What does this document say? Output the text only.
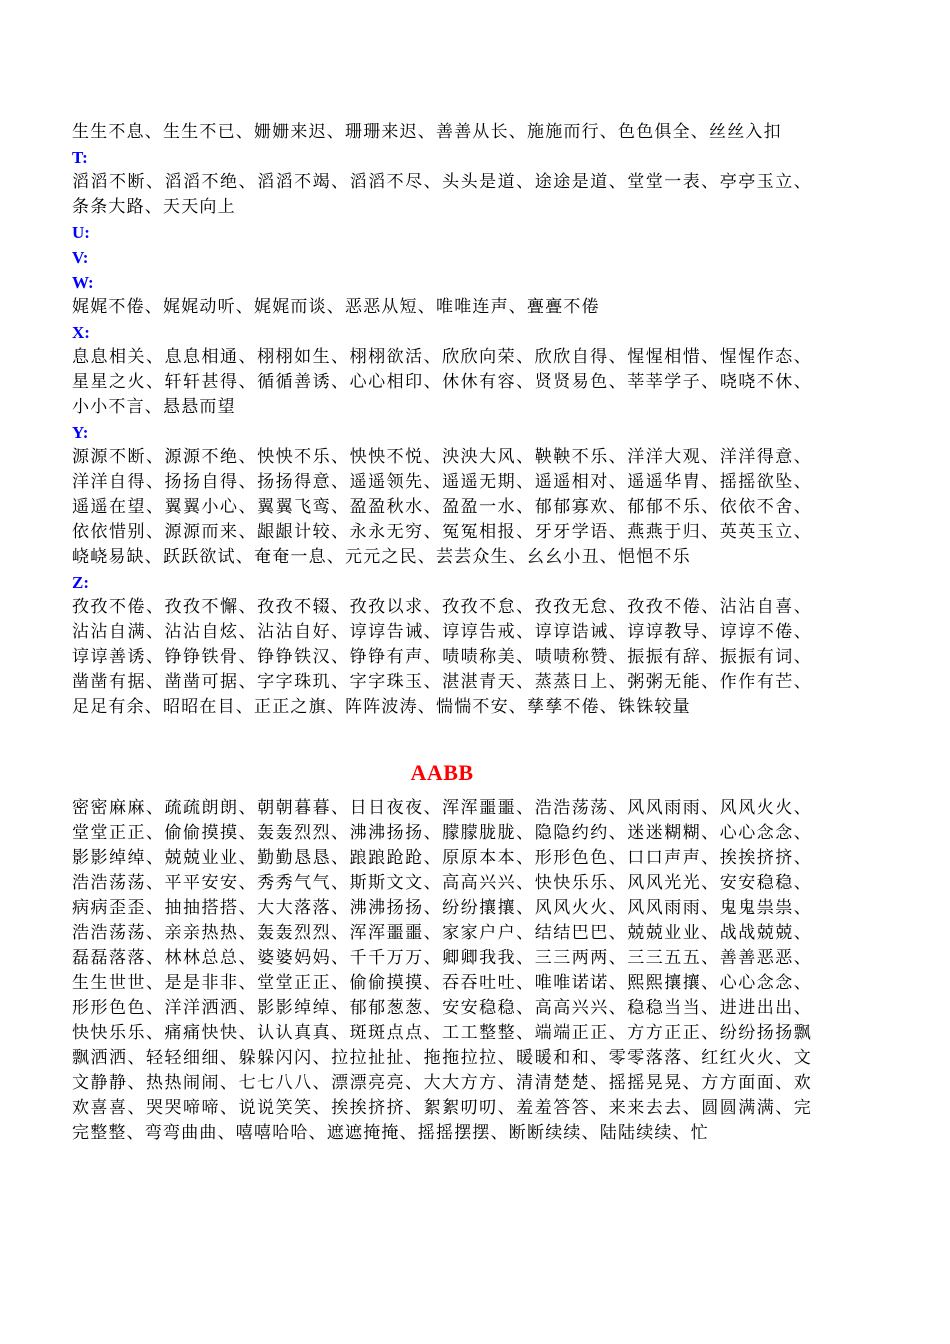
生生不息、生生不已、姗姗来迟、珊珊来迟、善善从长、施施而行、色色俱全、丝丝入扣

T:

滔滔不断、滔滔不绝、滔滔不竭、滔滔不尽、头头是道、途途是道、堂堂一表、亭亭玉立、条条大路、天天向上

U:

V:

W:

娓娓不倦、娓娓动听、娓娓而谈、恶恶从短、唯唯连声、亹亹不倦

X:

息息相关、息息相通、栩栩如生、栩栩欲活、欣欣向荣、欣欣自得、惺惺相惜、惺惺作态、星星之火、轩轩甚得、循循善诱、心心相印、休休有容、贤贤易色、莘莘学子、哓哓不休、小小不言、悬悬而望

Y:

源源不断、源源不绝、怏怏不乐、怏怏不悦、泱泱大风、鞅鞅不乐、洋洋大观、洋洋得意、洋洋自得、扬扬自得、扬扬得意、遥遥领先、遥遥无期、遥遥相对、遥遥华胄、摇摇欲坠、遥遥在望、翼翼小心、翼翼飞鸾、盈盈秋水、盈盈一水、郁郁寡欢、郁郁不乐、依依不舍、依依惜别、源源而来、龈龈计较、永永无穷、冤冤相报、牙牙学语、燕燕于归、英英玉立、峣峣易缺、跃跃欲试、奄奄一息、元元之民、芸芸众生、幺幺小丑、悒悒不乐

Z:

孜孜不倦、孜孜不懈、孜孜不辍、孜孜以求、孜孜不怠、孜孜无怠、孜孜不倦、沾沾自喜、沾沾自满、沾沾自炫、沾沾自好、谆谆告诫、谆谆告戒、谆谆诰诫、谆谆教导、谆谆不倦、谆谆善诱、铮铮铁骨、铮铮铁汉、铮铮有声、啧啧称美、啧啧称赞、振振有辞、振振有词、凿凿有据、凿凿可据、字字珠玑、字字珠玉、湛湛青天、蒸蒸日上、粥粥无能、作作有芒、足足有余、昭昭在目、正正之旗、阵阵波涛、惴惴不安、孳孳不倦、铢铢较量

AABB

密密麻麻、疏疏朗朗、朝朝暮暮、日日夜夜、浑浑噩噩、浩浩荡荡、风风雨雨、风风火火、堂堂正正、偷偷摸摸、轰轰烈烈、沸沸扬扬、朦朦胧胧、隐隐约约、迷迷糊糊、心心念念、影影绰绰、兢兢业业、勤勤恳恳、踉踉跄跄、原原本本、形形色色、口口声声、挨挨挤挤、浩浩荡荡、平平安安、秀秀气气、斯斯文文、高高兴兴、快快乐乐、风风光光、安安稳稳、病病歪歪、抽抽搭搭、大大落落、沸沸扬扬、纷纷攘攘、风风火火、风风雨雨、鬼鬼祟祟、浩浩荡荡、亲亲热热、轰轰烈烈、浑浑噩噩、家家户户、结结巴巴、兢兢业业、战战兢兢、磊磊落落、林林总总、婆婆妈妈、千千万万、卿卿我我、三三两两、三三五五、善善恶恶、生生世世、是是非非、堂堂正正、偷偷摸摸、吞吞吐吐、唯唯诺诺、熙熙攘攘、心心念念、形形色色、洋洋洒洒、影影绰绰、郁郁葱葱、安安稳稳、高高兴兴、稳稳当当、进进出出、快快乐乐、痛痛快快、认认真真、斑斑点点、工工整整、端端正正、方方正正、纷纷扬扬飘飘洒洒、轻轻细细、躲躲闪闪、拉拉扯扯、拖拖拉拉、暖暖和和、零零落落、红红火火、文文静静、热热闹闹、七七八八、漂漂亮亮、大大方方、清清楚楚、摇摇晃晃、方方面面、欢欢喜喜、哭哭啼啼、说说笑笑、挨挨挤挤、絮絮叨叨、羞羞答答、来来去去、圆圆满满、完完整整、弯弯曲曲、嘻嘻哈哈、遮遮掩掩、摇摇摆摆、断断续续、陆陆续续、忙
